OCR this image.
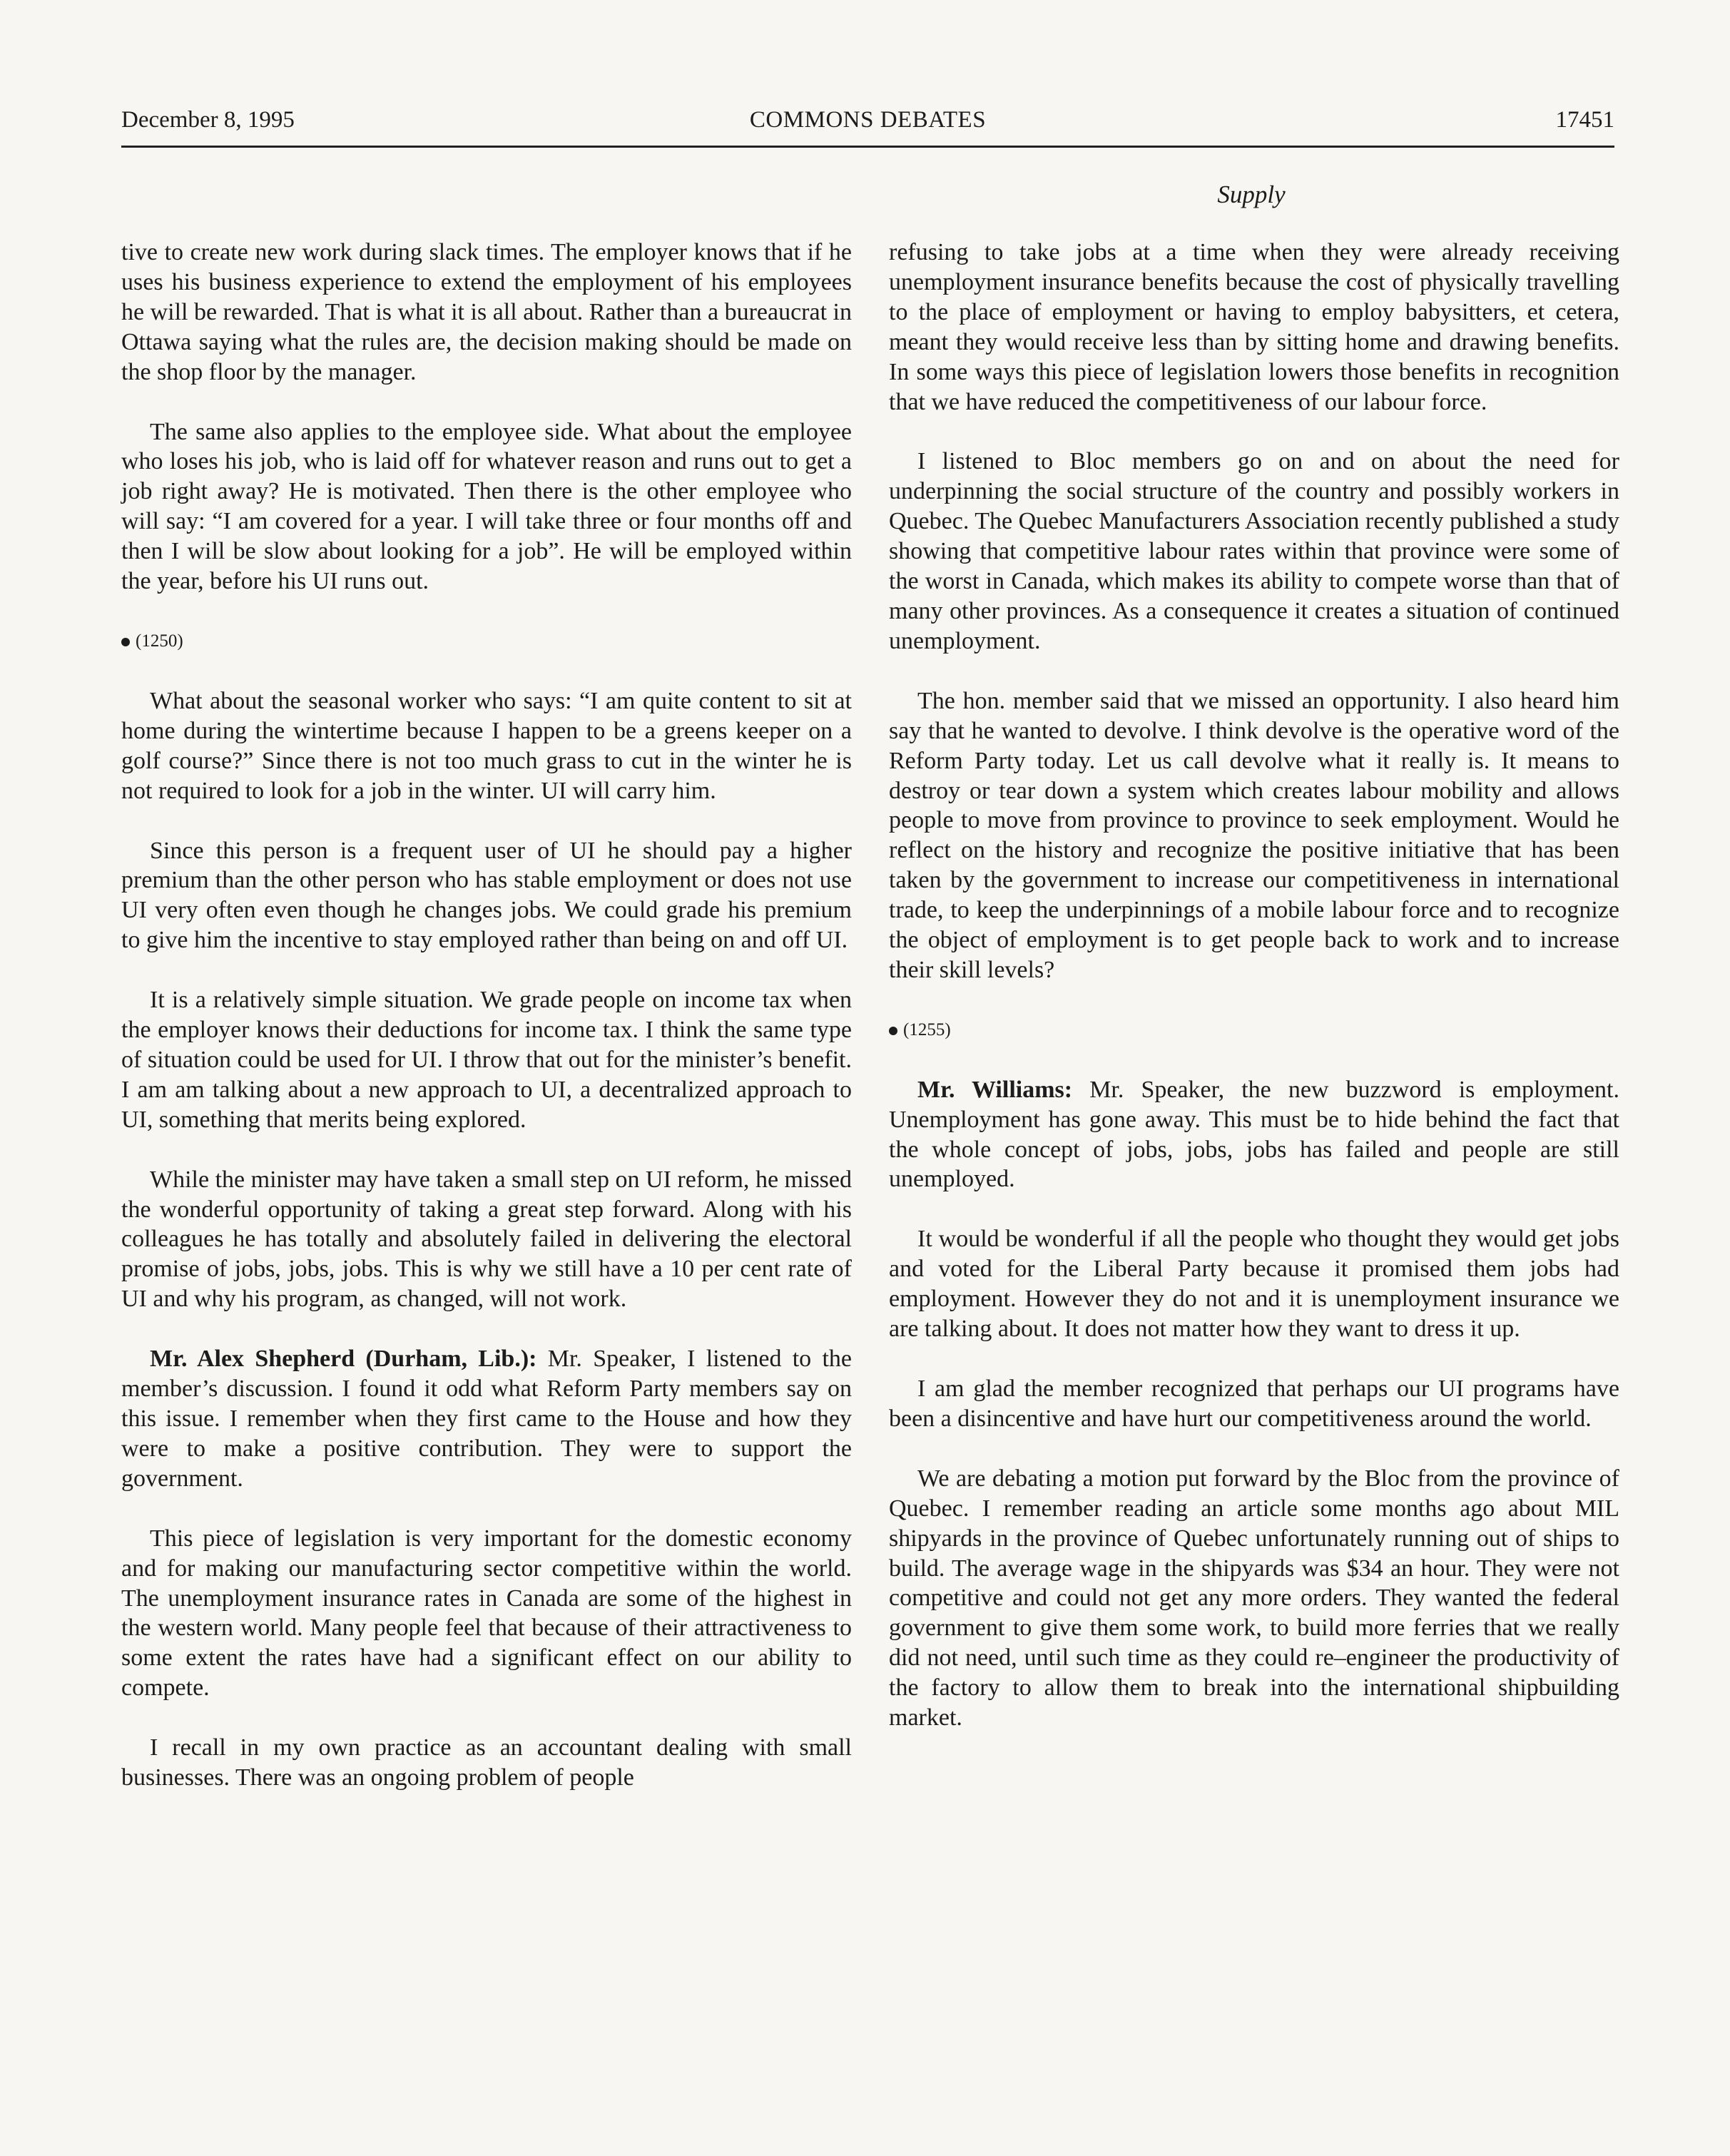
December 8, 1995	COMMONS DEBATES	17451
Supply

tive to create new work during slack times. The employer knows that if he uses his business experience to extend the employment of his employees he will be rewarded. That is what it is all about. Rather than a bureaucrat in Ottawa saying what the rules are, the decision making should be made on the shop floor by the manager.

The same also applies to the employee side. What about the employee who loses his job, who is laid off for whatever reason and runs out to get a job right away? He is motivated. Then there is the other employee who will say: “I am covered for a year. I will take three or four months off and then I will be slow about looking for a job”. He will be employed within the year, before his UI runs out.

(1250)

What about the seasonal worker who says: “I am quite content to sit at home during the wintertime because I happen to be a greens keeper on a golf course?” Since there is not too much grass to cut in the winter he is not required to look for a job in the winter. UI will carry him.

Since this person is a frequent user of UI he should pay a higher premium than the other person who has stable employment or does not use UI very often even though he changes jobs. We could grade his premium to give him the incentive to stay employed rather than being on and off UI.

It is a relatively simple situation. We grade people on income tax when the employer knows their deductions for income tax. I think the same type of situation could be used for UI. I throw that out for the minister’s benefit. I am am talking about a new approach to UI, a decentralized approach to UI, something that merits being explored.

While the minister may have taken a small step on UI reform, he missed the wonderful opportunity of taking a great step forward. Along with his colleagues he has totally and absolutely failed in delivering the electoral promise of jobs, jobs, jobs. This is why we still have a 10 per cent rate of UI and why his program, as changed, will not work.

Mr. Alex Shepherd (Durham, Lib.): Mr. Speaker, I listened to the member’s discussion. I found it odd what Reform Party members say on this issue. I remember when they first came to the House and how they were to make a positive contribution. They were to support the government.

This piece of legislation is very important for the domestic economy and for making our manufacturing sector competitive within the world. The unemployment insurance rates in Canada are some of the highest in the western world. Many people feel that because of their attractiveness to some extent the rates have had a significant effect on our ability to compete.

I recall in my own practice as an accountant dealing with small businesses. There was an ongoing problem of people

refusing to take jobs at a time when they were already receiving unemployment insurance benefits because the cost of physically travelling to the place of employment or having to employ babysitters, et cetera, meant they would receive less than by sitting home and drawing benefits. In some ways this piece of legislation lowers those benefits in recognition that we have reduced the competitiveness of our labour force.

I listened to Bloc members go on and on about the need for underpinning the social structure of the country and possibly workers in Quebec. The Quebec Manufacturers Association recently published a study showing that competitive labour rates within that province were some of the worst in Canada, which makes its ability to compete worse than that of many other provinces. As a consequence it creates a situation of continued unemployment.

The hon. member said that we missed an opportunity. I also heard him say that he wanted to devolve. I think devolve is the operative word of the Reform Party today. Let us call devolve what it really is. It means to destroy or tear down a system which creates labour mobility and allows people to move from province to province to seek employment. Would he reflect on the history and recognize the positive initiative that has been taken by the government to increase our competitiveness in international trade, to keep the underpinnings of a mobile labour force and to recognize the object of employment is to get people back to work and to increase their skill levels?

(1255)

Mr. Williams: Mr. Speaker, the new buzzword is employment. Unemployment has gone away. This must be to hide behind the fact that the whole concept of jobs, jobs, jobs has failed and people are still unemployed.

It would be wonderful if all the people who thought they would get jobs and voted for the Liberal Party because it promised them jobs had employment. However they do not and it is unemployment insurance we are talking about. It does not matter how they want to dress it up.

I am glad the member recognized that perhaps our UI programs have been a disincentive and have hurt our competitiveness around the world.

We are debating a motion put forward by the Bloc from the province of Quebec. I remember reading an article some months ago about MIL shipyards in the province of Quebec unfortunately running out of ships to build. The average wage in the shipyards was $34 an hour. They were not competitive and could not get any more orders. They wanted the federal government to give them some work, to build more ferries that we really did not need, until such time as they could re–engineer the productivity of the factory to allow them to break into the international shipbuilding market.
